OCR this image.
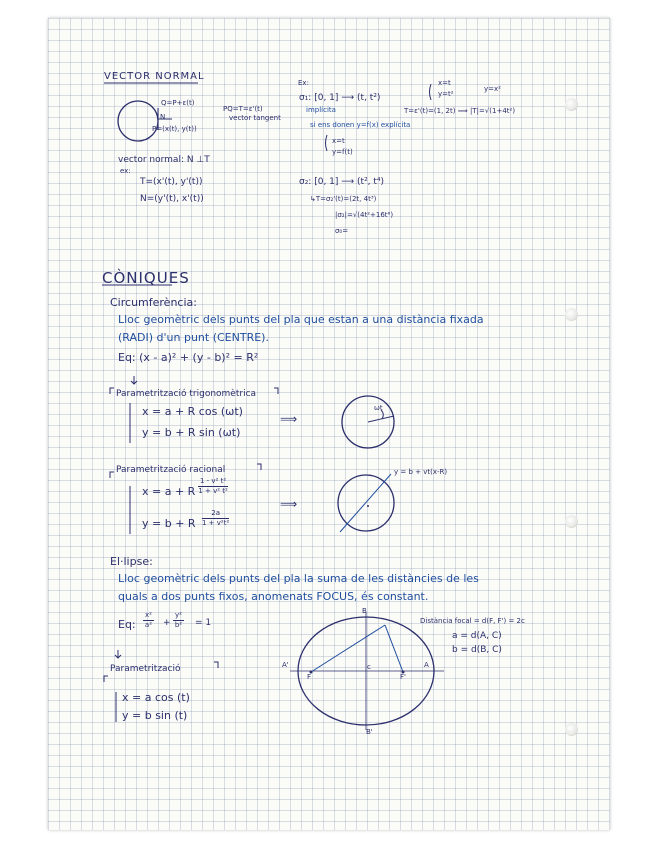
VECTOR NORMAL
Q=P+ε(t)
N
P=(x(t), y(t))
PQ=T=ε'(t)
vector tangent
vector normal: N ⊥T
ex:
T=(x'(t), y'(t))
N=(y'(t), x'(t))
Ex:
σ₁: [0, 1] ⟶ (t, t²)
implícita
x=t
y=t²
y=x²
T=ε'(t)=(1, 2t) ⟹ |T|=√(1+4t²)
si ens donen y=f(x) explícita
x=t
y=f(t)
σ₂: [0, 1] ⟶ (t², t⁴)
↳T=σ₂'(t)=(2t, 4t³)
|σ₂|=√(4t²+16t⁶)
σ₀=
CÒNIQUES
Circumferència:
Lloc geomètric dels punts del pla que estan a una distància fixada
(RADI) d'un punt (CENTRE).
Eq: (x - a)² + (y - b)² = R²
Parametrització trigonomètrica
x = a + R cos (ωt)
y = b + R sin (ωt)
⟹
ωt
Parametrització racional
x = a + R $\frac{\text{1 - v² t²}}{\text{1 + v² t²}}$
y = b + R $\frac{2a}{\text{1 + v²t²}}$
⟹
y = b + vt(x-R)
El·lipse:
Lloc geomètric dels punts del pla la suma de les distàncies de les
quals a dos punts fixos, anomenats FOCUS, és constant.
Eq: $\frac{\text{x²}}{\text{a²}} + \frac{\text{y²}}{\text{b²}} = 1$	Distància focal = d(F, F') = 2c
a = d(A, C)
b = d(B, C)
Parametrització
x = a cos (t)
y = b sin (t)
B
B'
A
A'	c
F	F'
